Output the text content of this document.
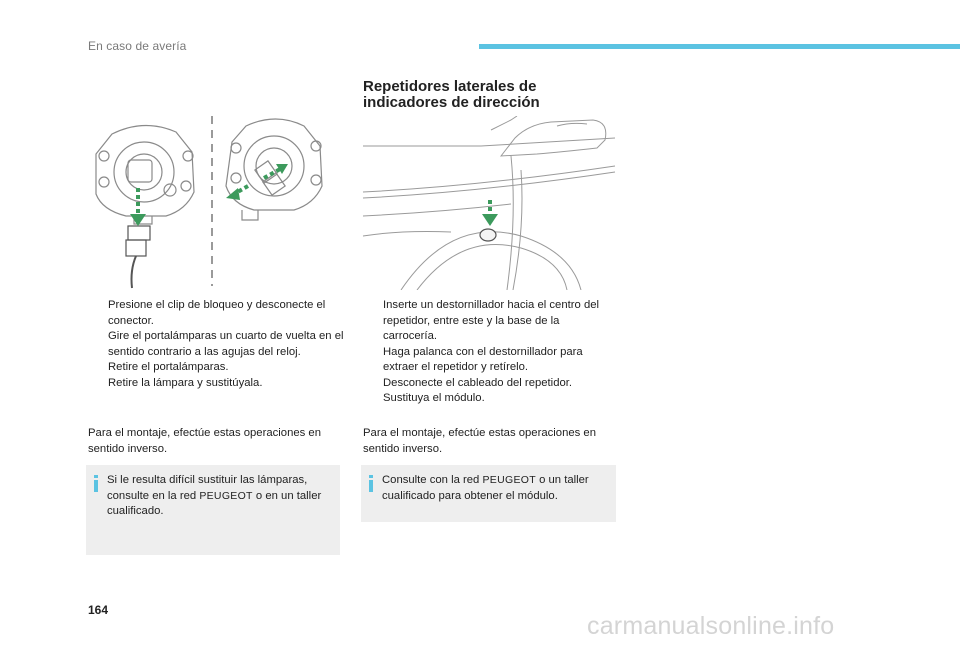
En caso de avería
Repetidores laterales de
indicadores de dirección
Presione el clip de bloqueo y desconecte el conector.
Gire el portalámparas un cuarto de vuelta en el sentido contrario a las agujas del reloj.
Retire el portalámparas.
Retire la lámpara y sustitúyala.
Inserte un destornillador hacia el centro del repetidor, entre este y la base de la carrocería.
Haga palanca con el destornillador para extraer el repetidor y retírelo.
Desconecte el cableado del repetidor.
Sustituya el módulo.

Para el montaje, efectúe estas operaciones en sentido inverso.

Para el montaje, efectúe estas operaciones en sentido inverso.

Si le resulta difícil sustituir las lámparas, consulte en la red PEUGEOT o en un taller cualificado.
Consulte con la red PEUGEOT o un taller cualificado para obtener el módulo.
164
carmanualsonline.info
